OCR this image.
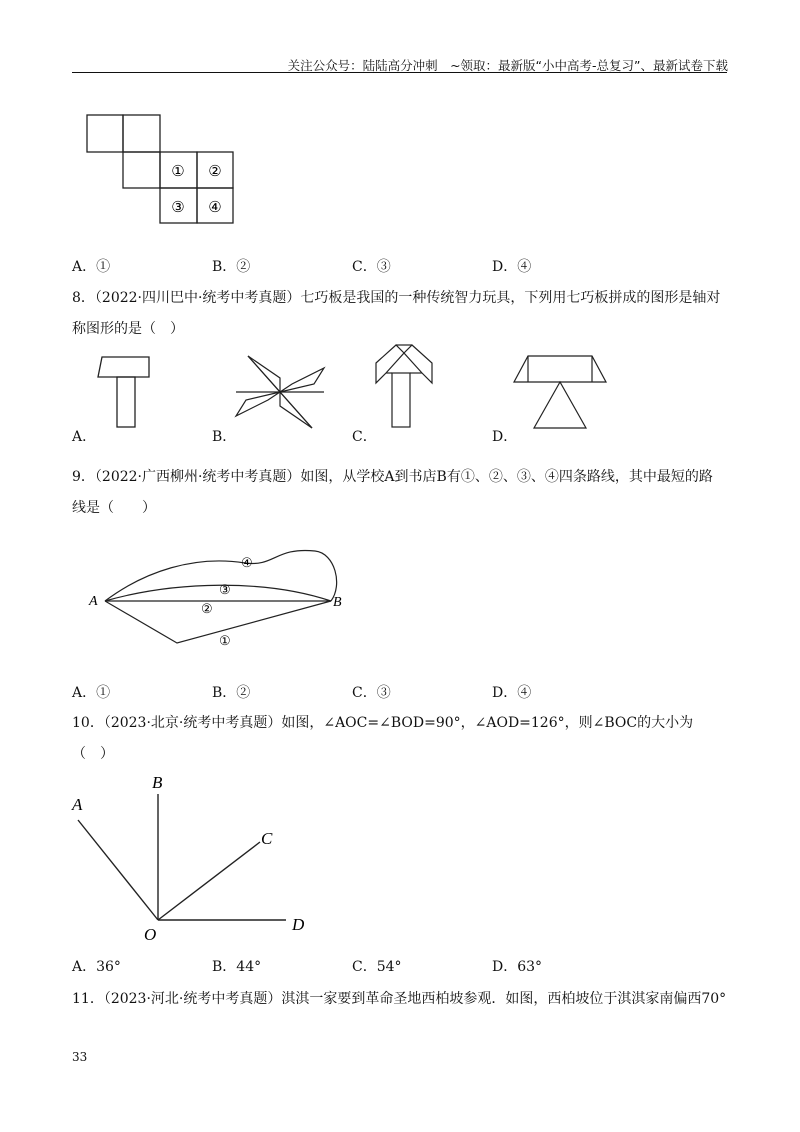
关注公众号：陆陆高分冲刺　~领取：最新版“小中高考-总复习”、最新试卷下载
① ②
③ ④
A．①	B．②	C．③	D．④
8．（2022·四川巴中·统考中考真题）七巧板是我国的一种传统智力玩具，下列用七巧板拼成的图形是轴对
称图形的是（　）
A．	B．	C．	D．
9．（2022·广西柳州·统考中考真题）如图，从学校A到书店B有①、②、③、④四条路线，其中最短的路
线是（　　）
A	B
④
③
②
①
A．①	B．②	C．③	D．④
10．（2023·北京·统考中考真题）如图，∠AOC=∠BOD=90°，∠AOD=126°，则∠BOC的大小为
（　）
A
B
C
D
O
A．36°	B．44°	C．54°	D．63°
11．（2023·河北·统考中考真题）淇淇一家要到革命圣地西柏坡参观．如图，西柏坡位于淇淇家南偏西70°
33
